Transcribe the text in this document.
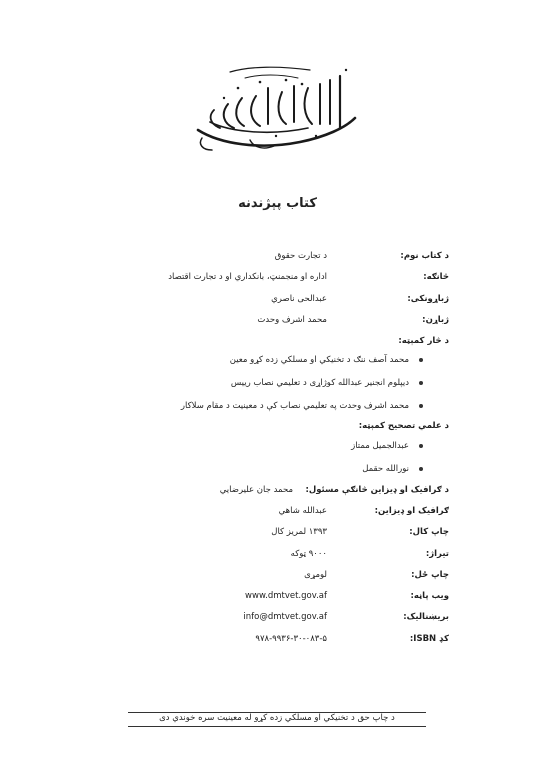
کتاب پېژندنه
د کتاب نوم:
د تجارت حقوق
څانګه:
اداره او منجمنټ، بانکداري او د تجارت اقتصاد
ژباړونکی:
عبدالحی ناصري
ژباړن:
محمد اشرف وحدت
د څار کمېټه:
محمد آصف ننګ د تخنیکي او مسلکي زده کړو معین
دیپلوم انجنیر عبدالله کوژاړی د تعلیمي نصاب رییس
محمد اشرف وحدت په تعلیمي نصاب کې د معینیت د مقام سلاکار
د علمي تصحیح کمېټه:
عبدالجمیل ممتاز
نورالله حقمل
د ګرافیک او ډیزاین څانګې مسئول:
محمد جان علیرضایي
ګرافیک او ډیزاین:
عبدالله شاهي
چاپ کال:
۱۳۹۳ لمریز کال
تیراژ:
۹۰۰۰ ټوکه
چاپ ځل:
لومړی
ویب پاڼه:
www.dmtvet.gov.af
بریښنالیک:
info@dmtvet.gov.af
کډ ISBN:
۹۷۸-۹۹۳۶-۳۰-۰۸۳-۵
د چاپ حق د تخنیکي او مسلکي زده کړو له معینیت سره خوندي دی
